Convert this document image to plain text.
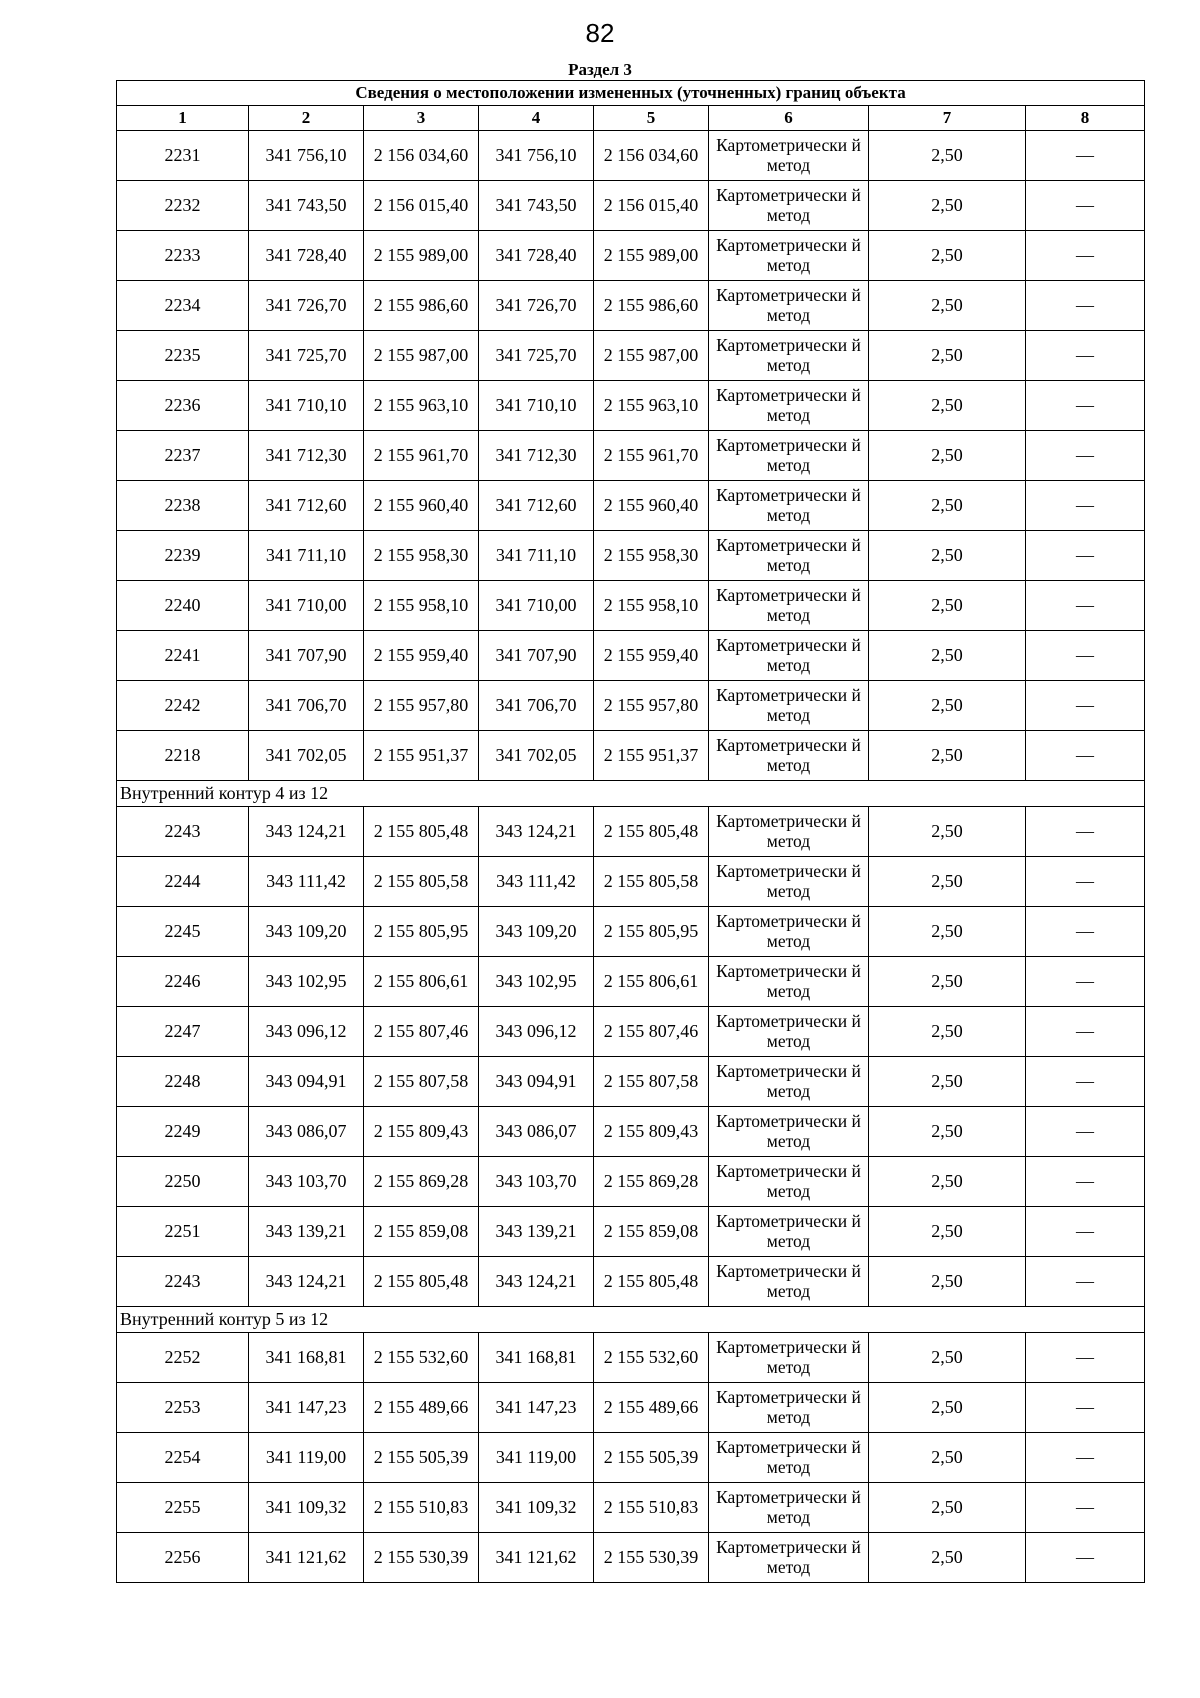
82
Раздел 3
Сведения о местоположении измененных (уточненных) границ объекта							
1	2	3	4	5	6	7	8
2231	341 756,10	2 156 034,60	341 756,10	2 156 034,60	Картометрически й метод	2,50	—
2232	341 743,50	2 156 015,40	341 743,50	2 156 015,40	Картометрически й метод	2,50	—
2233	341 728,40	2 155 989,00	341 728,40	2 155 989,00	Картометрически й метод	2,50	—
2234	341 726,70	2 155 986,60	341 726,70	2 155 986,60	Картометрически й метод	2,50	—
2235	341 725,70	2 155 987,00	341 725,70	2 155 987,00	Картометрически й метод	2,50	—
2236	341 710,10	2 155 963,10	341 710,10	2 155 963,10	Картометрически й метод	2,50	—
2237	341 712,30	2 155 961,70	341 712,30	2 155 961,70	Картометрически й метод	2,50	—
2238	341 712,60	2 155 960,40	341 712,60	2 155 960,40	Картометрически й метод	2,50	—
2239	341 711,10	2 155 958,30	341 711,10	2 155 958,30	Картометрически й метод	2,50	—
2240	341 710,00	2 155 958,10	341 710,00	2 155 958,10	Картометрически й метод	2,50	—
2241	341 707,90	2 155 959,40	341 707,90	2 155 959,40	Картометрически й метод	2,50	—
2242	341 706,70	2 155 957,80	341 706,70	2 155 957,80	Картометрически й метод	2,50	—
2218	341 702,05	2 155 951,37	341 702,05	2 155 951,37	Картометрически й метод	2,50	—
Внутренний контур 4 из 12							
2243	343 124,21	2 155 805,48	343 124,21	2 155 805,48	Картометрически й метод	2,50	—
2244	343 111,42	2 155 805,58	343 111,42	2 155 805,58	Картометрически й метод	2,50	—
2245	343 109,20	2 155 805,95	343 109,20	2 155 805,95	Картометрически й метод	2,50	—
2246	343 102,95	2 155 806,61	343 102,95	2 155 806,61	Картометрически й метод	2,50	—
2247	343 096,12	2 155 807,46	343 096,12	2 155 807,46	Картометрически й метод	2,50	—
2248	343 094,91	2 155 807,58	343 094,91	2 155 807,58	Картометрически й метод	2,50	—
2249	343 086,07	2 155 809,43	343 086,07	2 155 809,43	Картометрически й метод	2,50	—
2250	343 103,70	2 155 869,28	343 103,70	2 155 869,28	Картометрически й метод	2,50	—
2251	343 139,21	2 155 859,08	343 139,21	2 155 859,08	Картометрически й метод	2,50	—
2243	343 124,21	2 155 805,48	343 124,21	2 155 805,48	Картометрически й метод	2,50	—
Внутренний контур 5 из 12							
2252	341 168,81	2 155 532,60	341 168,81	2 155 532,60	Картометрически й метод	2,50	—
2253	341 147,23	2 155 489,66	341 147,23	2 155 489,66	Картометрически й метод	2,50	—
2254	341 119,00	2 155 505,39	341 119,00	2 155 505,39	Картометрически й метод	2,50	—
2255	341 109,32	2 155 510,83	341 109,32	2 155 510,83	Картометрически й метод	2,50	—
2256	341 121,62	2 155 530,39	341 121,62	2 155 530,39	Картометрически й метод	2,50	—
